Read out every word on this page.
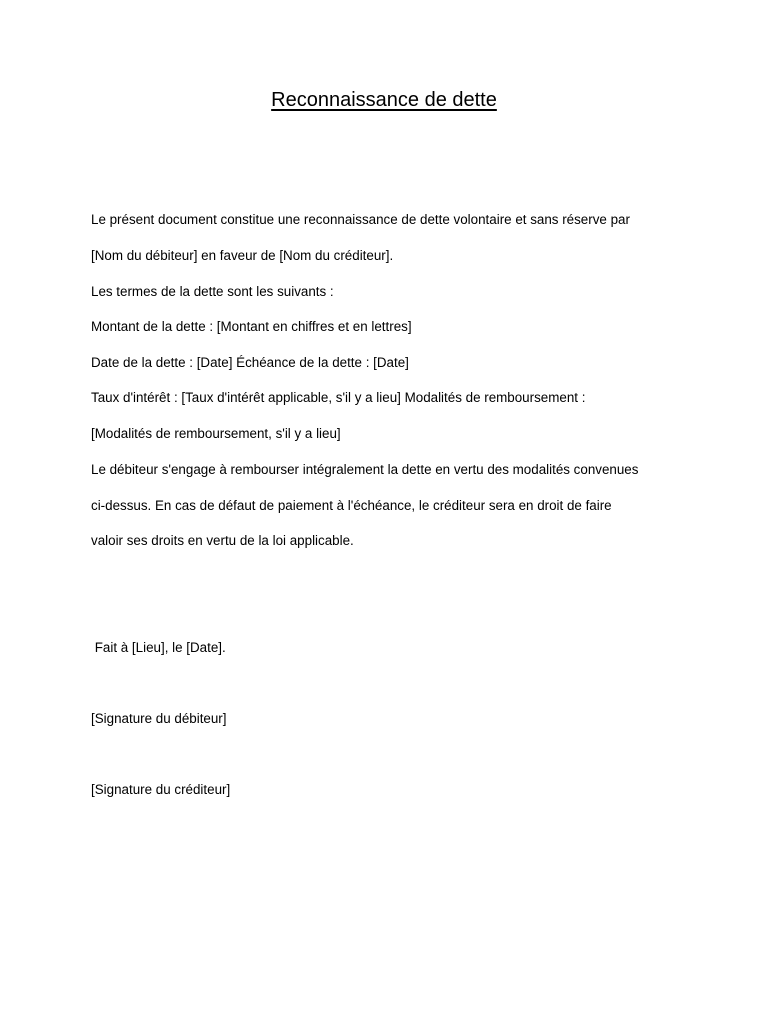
Reconnaissance de dette
Le présent document constitue une reconnaissance de dette volontaire et sans réserve par
[Nom du débiteur] en faveur de [Nom du créditeur].
Les termes de la dette sont les suivants :
Montant de la dette : [Montant en chiffres et en lettres]
Date de la dette : [Date] Échéance de la dette : [Date]
Taux d'intérêt : [Taux d'intérêt applicable, s'il y a lieu] Modalités de remboursement :
[Modalités de remboursement, s'il y a lieu]
Le débiteur s'engage à rembourser intégralement la dette en vertu des modalités convenues
ci-dessus. En cas de défaut de paiement à l'échéance, le créditeur sera en droit de faire
valoir ses droits en vertu de la loi applicable.
Fait à [Lieu], le [Date].
[Signature du débiteur]
[Signature du créditeur]
